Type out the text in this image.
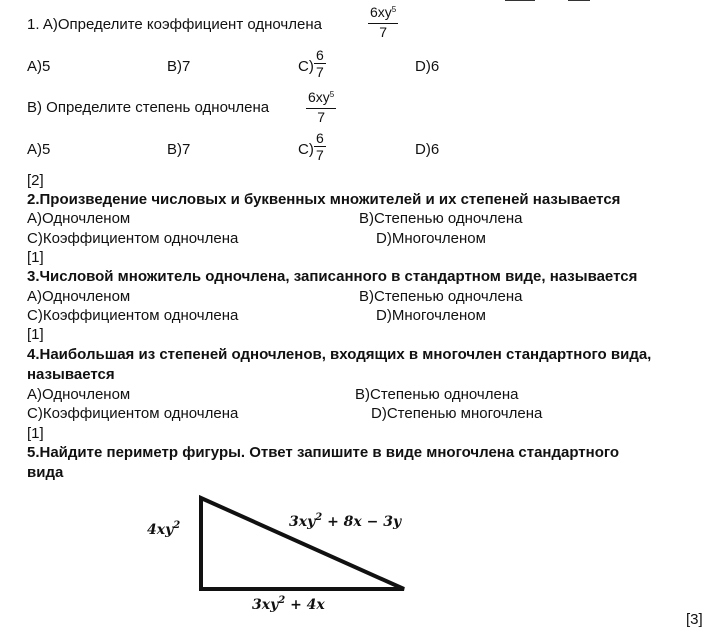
1. A)Определите коэффициент одночлена	$\frac{6xy^5}{7}$
A)5	B)7	$C) \frac{6}{7}$	D)6
B) Определите степень одночлена	$\frac{6xy^5}{7}$
A)5	B)7	$C) \frac{6}{7}$	D)6
[2]
2.Произведение числовых и буквенных множителей и их степеней называется
A)Одночленом	B)Степенью одночлена
C)Коэффициентом одночлена	D)Многочленом
[1]
3.Числовой множитель одночлена, записанного в стандартном виде, называется
A)Одночленом	B)Степенью одночлена
C)Коэффициентом одночлена	D)Многочленом
[1]
4.Наибольшая из степеней одночленов, входящих в многочлен стандартного вида,
называется
A)Одночленом	B)Степенью одночлена
C)Коэффициентом одночлена	D)Степенью многочлена
[1]
5.Найдите периметр фигуры. Ответ запишите в виде многочлена стандартного
вида
$4xy^2$	$3xy^2 + 8x - 3y$
$3xy^2 + 4x$
[3]
